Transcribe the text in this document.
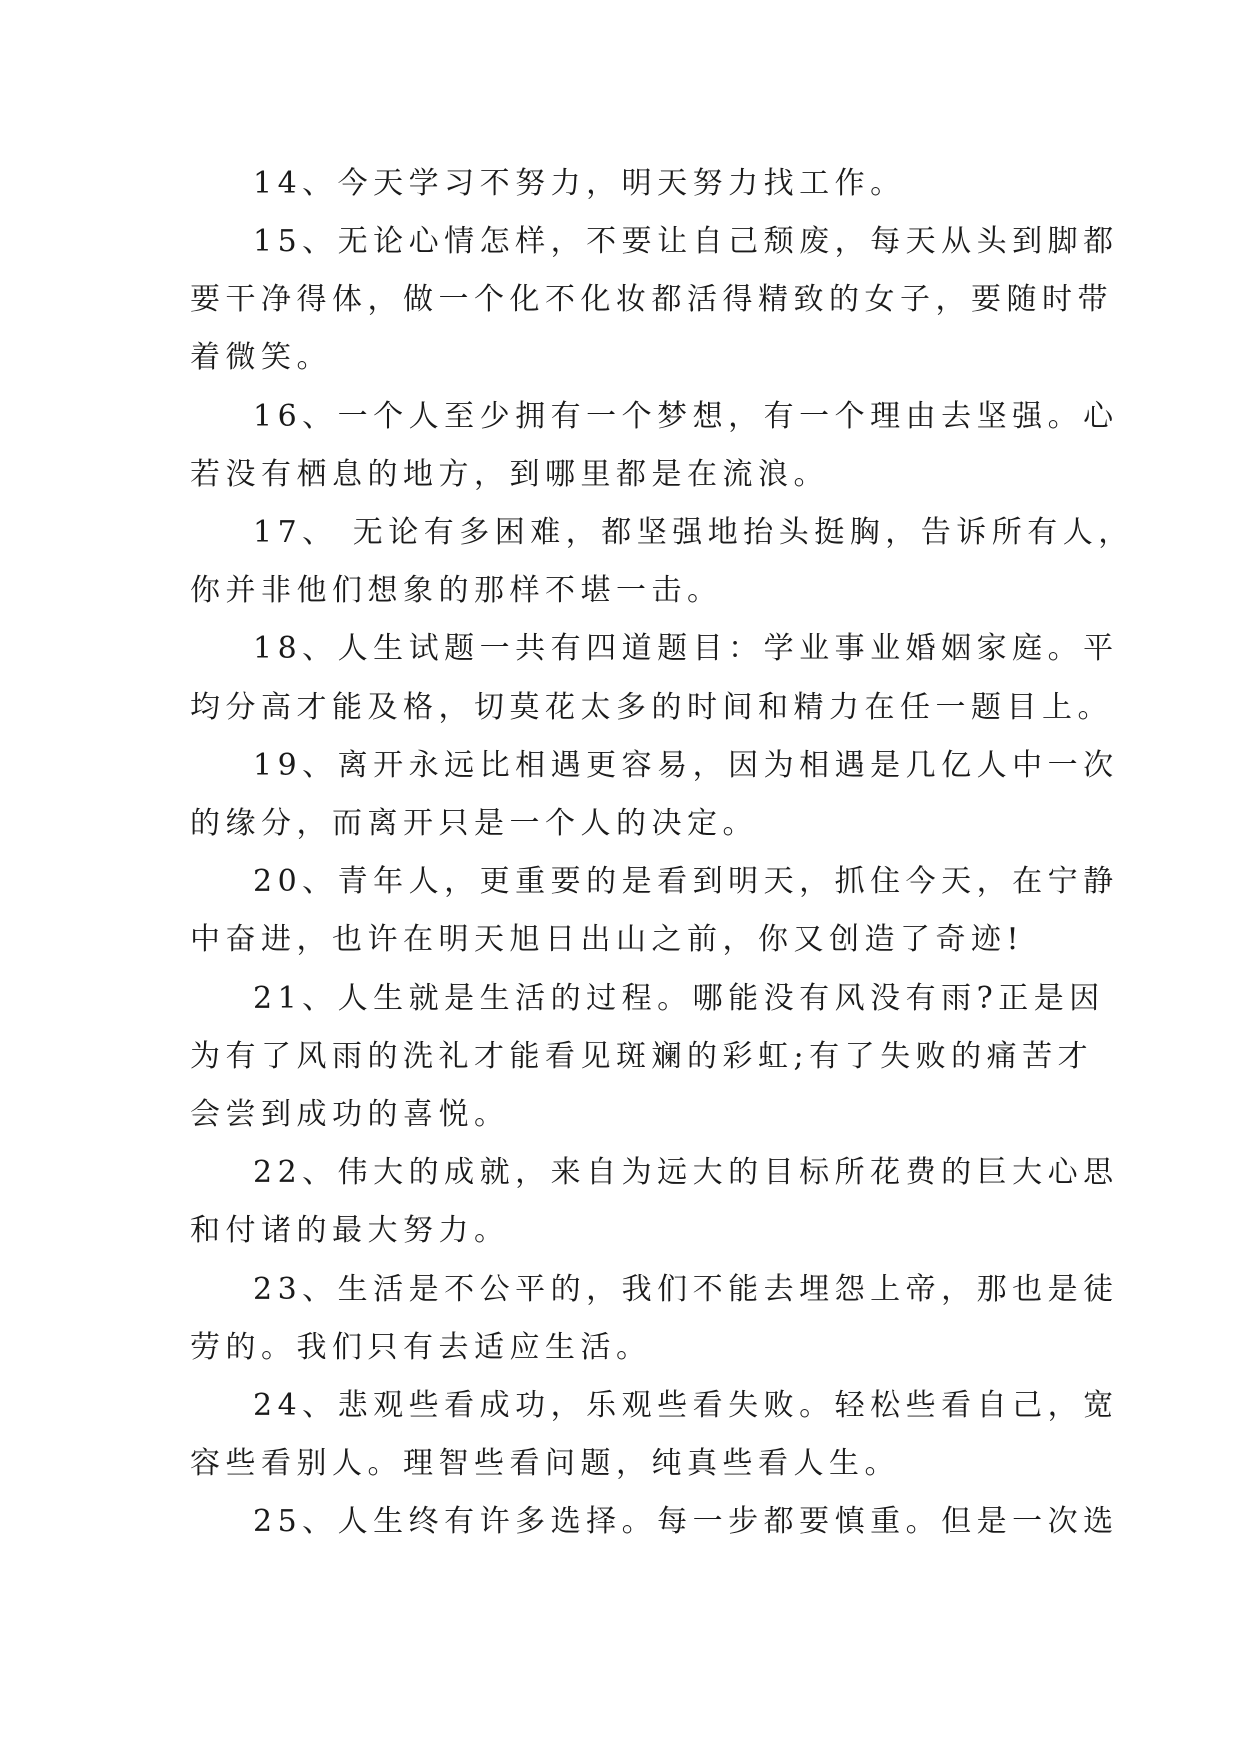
14、今天学习不努力，明天努力找工作。
15、无论心情怎样，不要让自己颓废，每天从头到脚都
要干净得体，做一个化不化妆都活得精致的女子，要随时带
着微笑。
16、一个人至少拥有一个梦想，有一个理由去坚强。心
若没有栖息的地方，到哪里都是在流浪。
17、 无论有多困难，都坚强地抬头挺胸，告诉所有人，
你并非他们想象的那样不堪一击。
18、人生试题一共有四道题目：学业事业婚姻家庭。平
均分高才能及格，切莫花太多的时间和精力在任一题目上。
19、离开永远比相遇更容易，因为相遇是几亿人中一次
的缘分，而离开只是一个人的决定。
20、青年人，更重要的是看到明天，抓住今天，在宁静
中奋进，也许在明天旭日出山之前，你又创造了奇迹!
21、人生就是生活的过程。哪能没有风没有雨?正是因
为有了风雨的洗礼才能看见斑斓的彩虹;有了失败的痛苦才
会尝到成功的喜悦。
22、伟大的成就，来自为远大的目标所花费的巨大心思
和付诸的最大努力。
23、生活是不公平的，我们不能去埋怨上帝，那也是徒
劳的。我们只有去适应生活。
24、悲观些看成功，乐观些看失败。轻松些看自己，宽
容些看别人。理智些看问题，纯真些看人生。
25、人生终有许多选择。每一步都要慎重。但是一次选
